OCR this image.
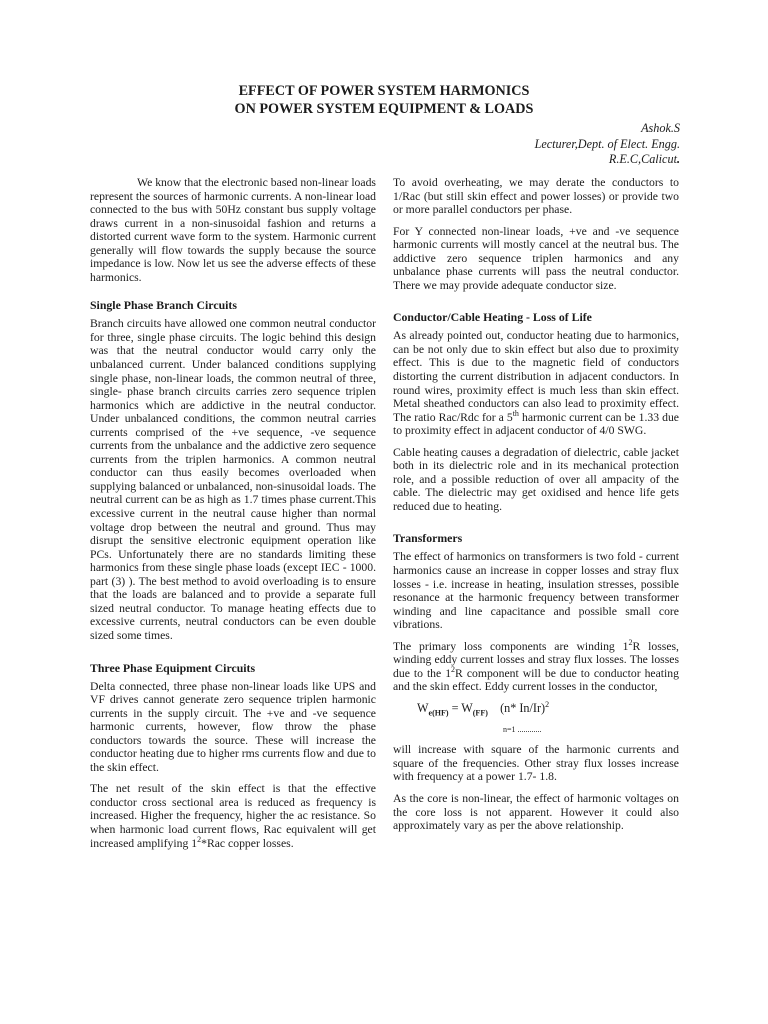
EFFECT OF POWER SYSTEM HARMONICS
ON POWER SYSTEM EQUIPMENT & LOADS
Ashok.S
Lecturer,Dept. of Elect. Engg.
R.E.C,Calicut.

We know that the electronic based non-linear loads represent the sources of harmonic currents. A non-linear load connected to the bus with 50Hz constant bus supply voltage draws current in a non-sinusoidal fashion and returns a distorted current wave form to the system. Harmonic current generally will flow towards the supply because the source impedance is low. Now let us see the adverse effects of these harmonics.

Single Phase Branch Circuits

Branch circuits have allowed one common neutral conductor for three, single phase circuits. The logic behind this design was that the neutral conductor would carry only the unbalanced current. Under balanced conditions supplying single phase, non-linear loads, the common neutral of three, single- phase branch circuits carries zero sequence triplen harmonics which are addictive in the neutral conductor. Under unbalanced conditions, the common neutral carries currents comprised of the +ve sequence, -ve sequence currents from the unbalance and the addictive zero sequence currents from the triplen harmonics. A common neutral conductor can thus easily becomes overloaded when supplying balanced or unbalanced, non-sinusoidal loads. The neutral current can be as high as 1.7 times phase current.This excessive current in the neutral cause higher than normal voltage drop between the neutral and ground. Thus may disrupt the sensitive electronic equipment operation like PCs. Unfortunately there are no standards limiting these harmonics from these single phase loads (except IEC - 1000. part (3) ). The best method to avoid overloading is to ensure that the loads are balanced and to provide a separate full sized neutral conductor. To manage heating effects due to excessive currents, neutral conductors can be even double sized some times.

Three Phase Equipment Circuits

Delta connected, three phase non-linear loads like UPS and VF drives cannot generate zero sequence triplen harmonic currents in the supply circuit. The +ve and -ve sequence harmonic currents, however, flow throw the phase conductors towards the source. These will increase the conductor heating due to higher rms currents flow and due to the skin effect.

The net result of the skin effect is that the effective conductor cross sectional area is reduced as frequency is increased. Higher the frequency, higher the ac resistance. So when harmonic load current flows, Rac equivalent will get increased amplifying $1^2*Rac$ copper losses.

To avoid overheating, we may derate the conductors to 1/Rac (but still skin effect and power losses) or provide two or more parallel conductors per phase.

For Y connected non-linear loads, +ve and -ve sequence harmonic currents will mostly cancel at the neutral bus. The addictive zero sequence triplen harmonics and any unbalance phase currents will pass the neutral conductor. There we may provide adequate conductor size.

Conductor/Cable Heating - Loss of Life

As already pointed out, conductor heating due to harmonics, can be not only due to skin effect but also due to proximity effect. This is due to the magnetic field of conductors distorting the current distribution in adjacent conductors. In round wires, proximity effect is much less than skin effect. Metal sheathed conductors can also lead to proximity effect. The ratio Rac/Rdc for a 5th harmonic current can be 1.33 due to proximity effect in adjacent conductor of 4/0 SWG.

Cable heating causes a degradation of dielectric, cable jacket both in its dielectric role and in its mechanical protection role, and a possible reduction of over all ampacity of the cable. The dielectric may get oxidised and hence life gets reduced due to heating.

Transformers

The effect of harmonics on transformers is two fold - current harmonics cause an increase in copper losses and stray flux losses - i.e. increase in heating, insulation stresses, possible resonance at the harmonic frequency between transformer winding and line capacitance and possible small core vibrations.

The primary loss components are winding $1^2R$ losses, winding eddy current losses and stray flux losses. The losses due to the $1^2R$ component will be due to conductor heating and the skin effect. Eddy current losses in the conductor,

$W_{e(HF)} = W_{(FF)}$ (n* In/Ir)$^2$
n=1 ............

will increase with square of the harmonic currents and square of the frequencies. Other stray flux losses increase with frequency at a power 1.7- 1.8.

As the core is non-linear, the effect of harmonic voltages on the core loss is not apparent. However it could also approximately vary as per the above relationship.
